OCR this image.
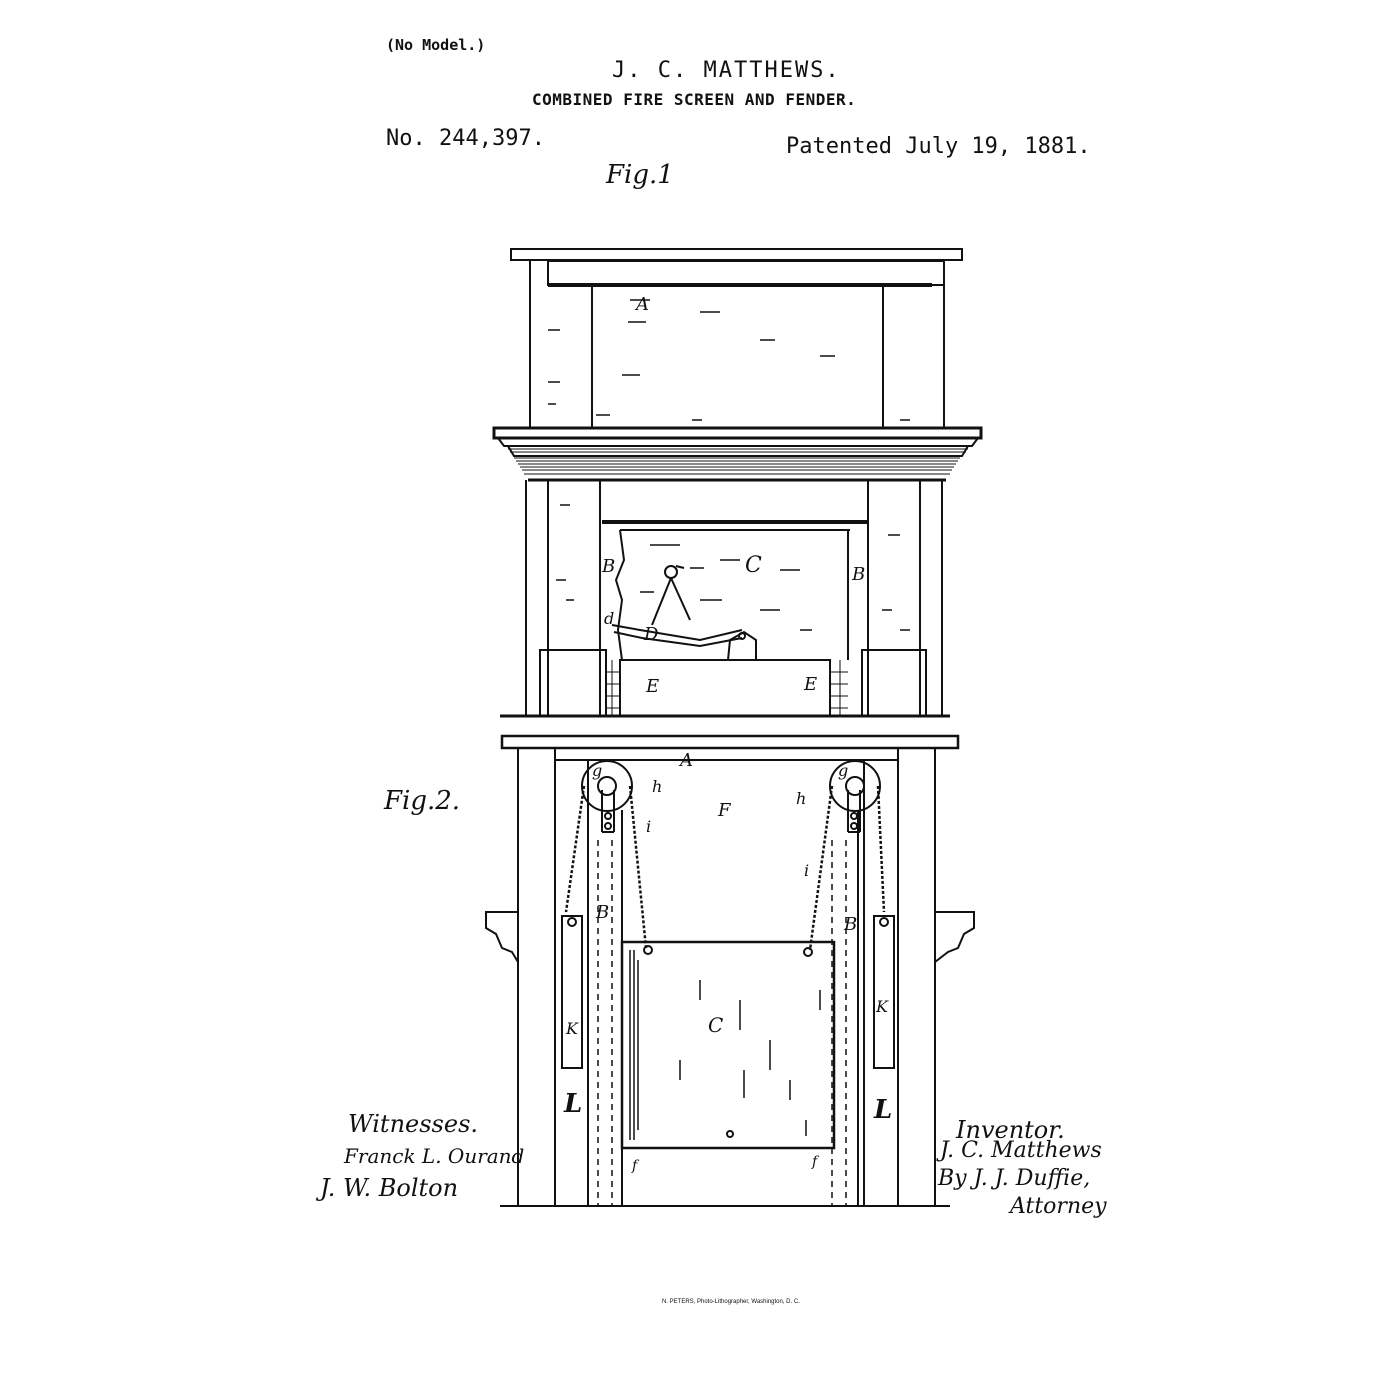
(No Model.)

J. C. MATTHEWS.

COMBINED FIRE SCREEN AND FENDER.

No. 244,397.	Patented July 19, 1881.

Fig.1

Fig.2.

A
C
B	B
D
d
E	E
A
F
g	g
h
h
i
i
B
B
C
K
K
L	L
f	f

Witnesses.

Franck L. Ourand

J. W. Bolton

Inventor.

J. C. Matthews

By J. J. Duffie,

Attorney

N. PETERS, Photo-Lithographer, Washington, D. C.
